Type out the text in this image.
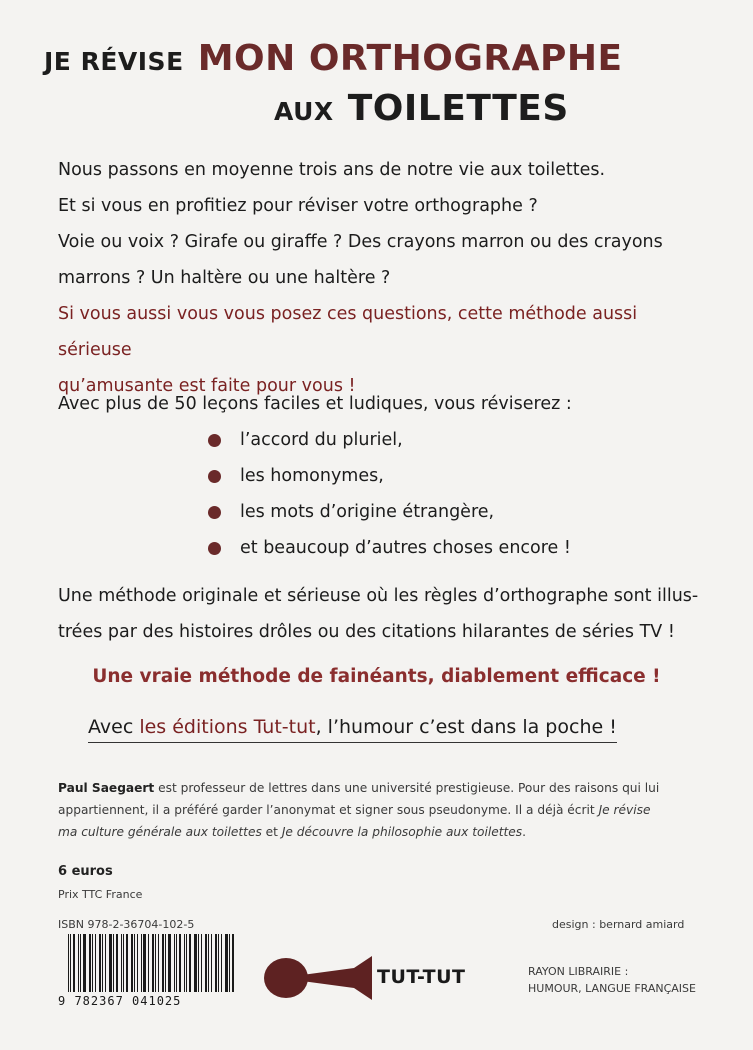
JE RÉVISE MON ORTHOGRAPHE
AUX TOILETTES
Nous passons en moyenne trois ans de notre vie aux toilettes.
Et si vous en profitiez pour réviser votre orthographe ?
Voie ou voix ? Girafe ou giraffe ? Des crayons marron ou des crayons
marrons ? Un haltère ou une haltère ?
Si vous aussi vous vous posez ces questions, cette méthode aussi sérieuse
qu’amusante est faite pour vous !
Avec plus de 50 leçons faciles et ludiques, vous réviserez :
l’accord du pluriel,
les homonymes,
les mots d’origine étrangère,
et beaucoup d’autres choses encore !
Une méthode originale et sérieuse où les règles d’orthographe sont illus-
trées par des histoires drôles ou des citations hilarantes de séries TV !
Une vraie méthode de fainéants, diablement efficace !
Avec les éditions Tut-tut, l’humour c’est dans la poche !
Paul Saegaert est professeur de lettres dans une université prestigieuse. Pour des raisons qui lui
appartiennent, il a préféré garder l’anonymat et signer sous pseudonyme. Il a déjà écrit Je révise
ma culture générale aux toilettes et Je découvre la philosophie aux toilettes.
6 euros
Prix TTC France
ISBN 978-2-36704-102-5
9 782367 041025
design : bernard amiard
TUT-TUT	RAYON LIBRAIRIE :
HUMOUR, LANGUE FRANÇAISE
